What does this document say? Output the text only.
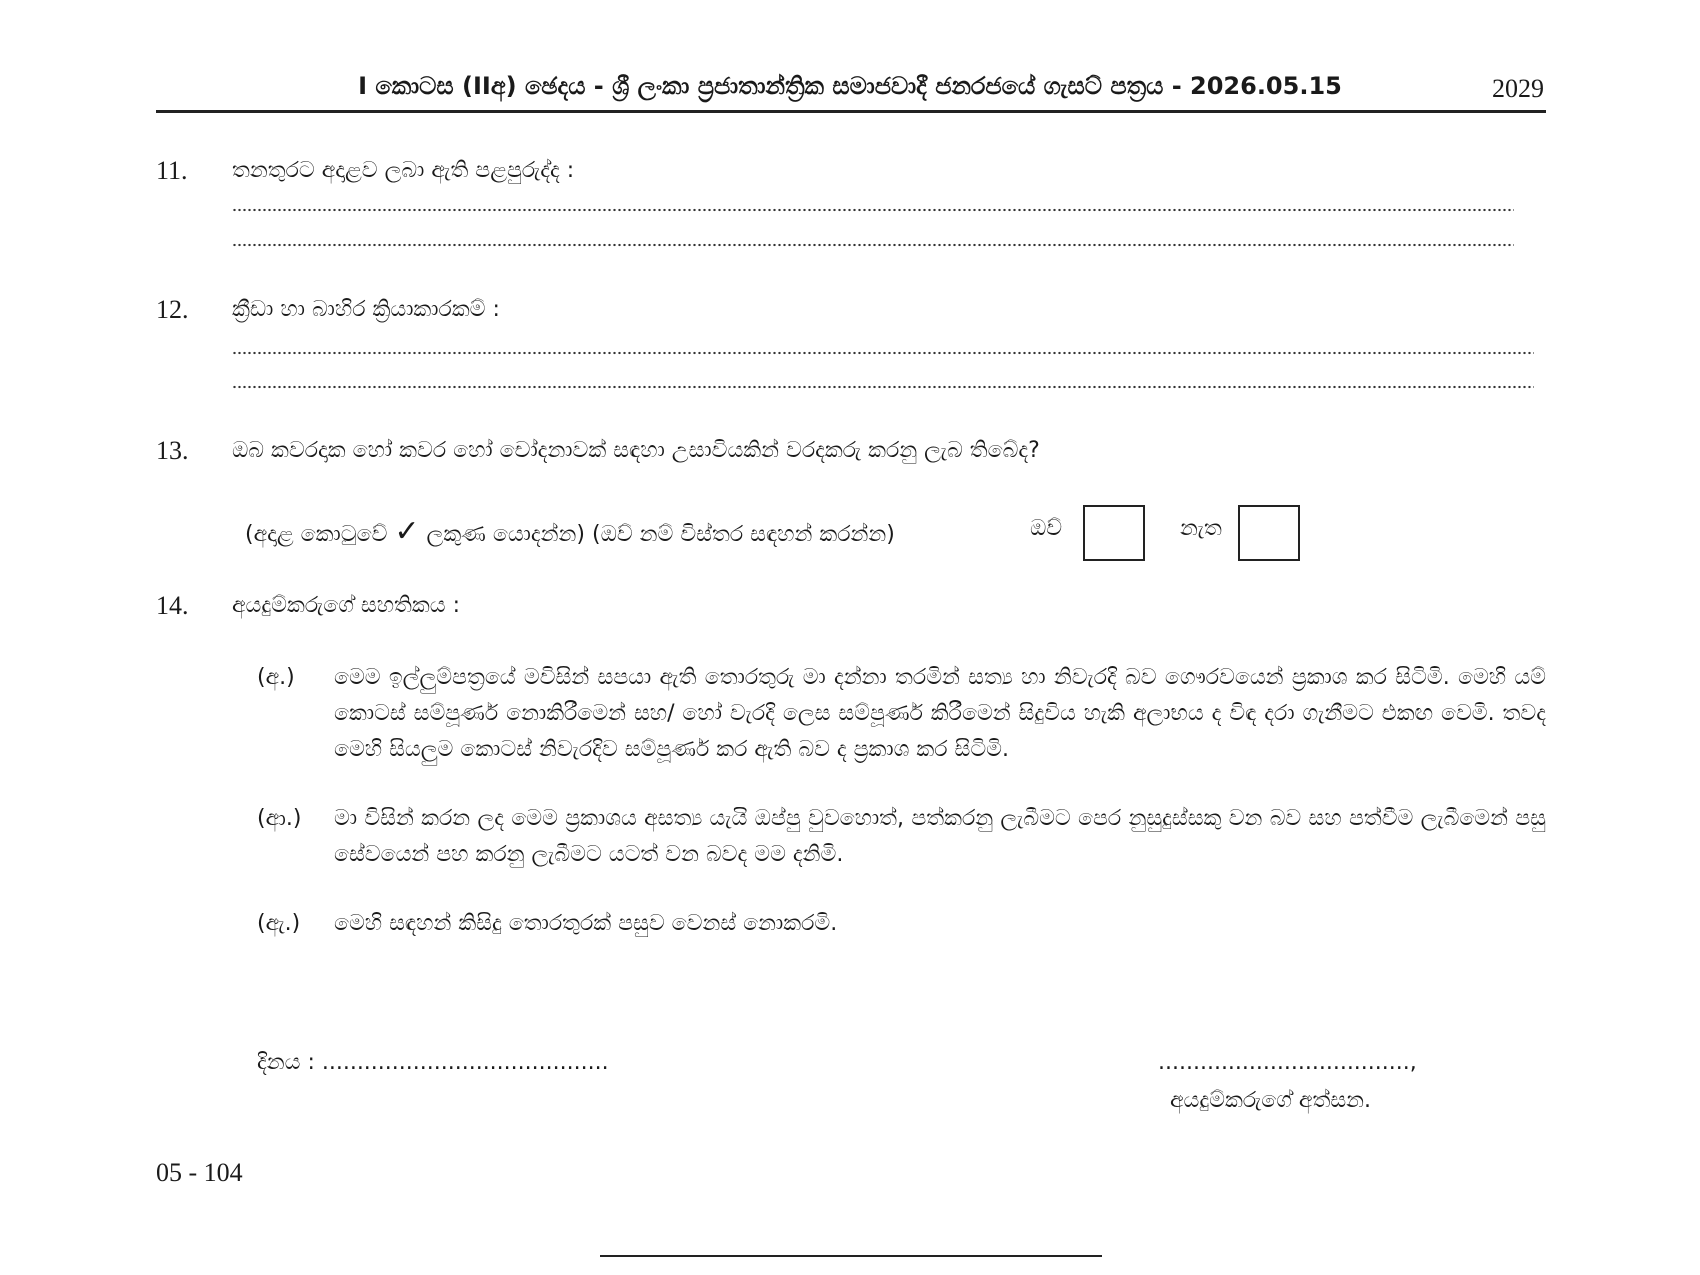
I කොටස (IIඅ) ඡෙදය - ශ්‍රී ලංකා ප්‍රජාතාන්ත්‍රික සමාජවාදී ජනරජයේ ගැසට් පත්‍රය - 2026.05.15	2029
11. තනතුරට අදාළව ලබා ඇති පළපුරුද්ද :
12. ක්‍රීඩා හා බාහිර ක්‍රියාකාරකම් :
13. ඔබ කවරදාක හෝ කවර හෝ චෝදනාවක් සඳහා උසාවියකින් වරදකරු කරනු ලැබ තිබේද?
(අදාළ කොටුවේ ✓ ලකුණ යොදන්න) (ඔව් නම් විස්තර සඳහන් කරන්න)	ඔව්	නැත
14. අයදුම්කරුගේ සහතිකය :
(අ.) මෙම ඉල්ලුම්පත්‍රයේ මවිසින් සපයා ඇති තොරතුරු මා දන්නා තරමින් සත්‍ය හා නිවැරදි බව ගෞරවයෙන් ප්‍රකාශ කර සිටිමි. මෙහි යම් කොටස් සම්පූර්ණ නොකිරීමෙන් සහ/ හෝ වැරදි ලෙස සම්පූර්ණ කිරීමෙන් සිදුවිය හැකි අලාභය ද විඳ දරා ගැනීමට එකඟ වෙමි. තවද මෙහි සියලුම කොටස් නිවැරදිව සම්පූර්ණ කර ඇති බව ද ප්‍රකාශ කර සිටිමි.
(ආ.) මා විසින් කරන ලද මෙම ප්‍රකාශය අසත්‍ය යැයි ඔප්පු වුවහොත්, පත්කරනු ලැබීමට පෙර නුසුදුස්සකු වන බව සහ පත්වීම ලැබීමෙන් පසු සේවයෙන් පහ කරනු ලැබීමට යටත් වන බවද මම දනිමි.
(ඇ.) මෙහි සඳහන් කිසිදු තොරතුරක් පසුව වෙනස් නොකරමි.
දිනය : .........................................	....................................,
අයදුම්කරුගේ අත්සන.
05 - 104
